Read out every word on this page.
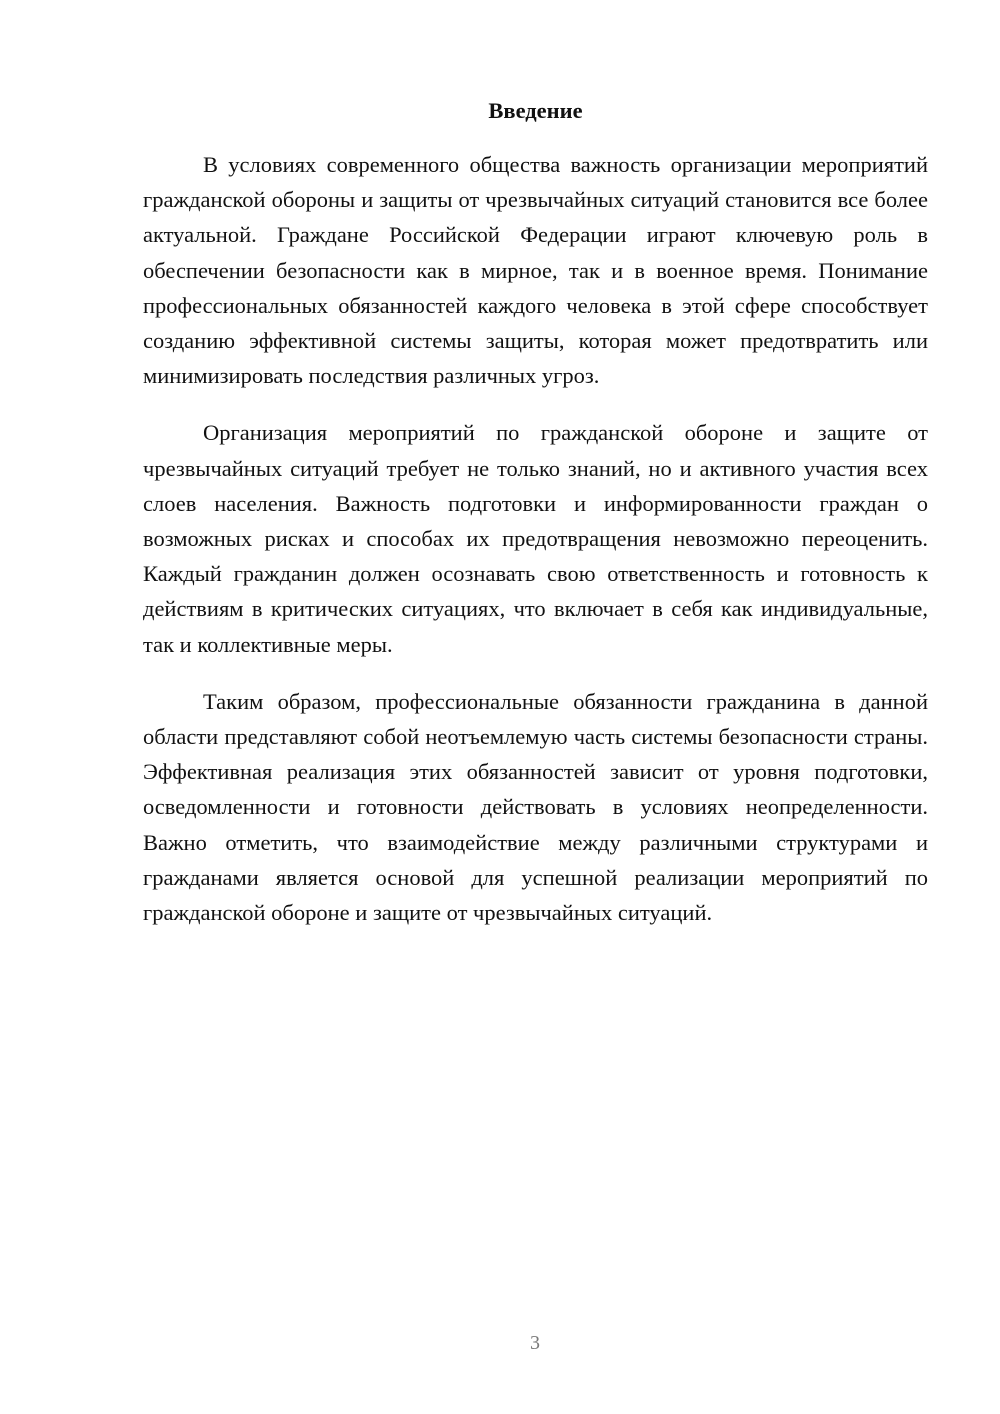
Введение

В условиях современного общества важность организации мероприятий гражданской обороны и защиты от чрезвычайных ситуаций становится все более актуальной. Граждане Российской Федерации играют ключевую роль в обеспечении безопасности как в мирное, так и в военное время. Понимание профессиональных обязанностей каждого человека в этой сфере способствует созданию эффективной системы защиты, которая может предотвратить или минимизировать последствия различных угроз.

Организация мероприятий по гражданской обороне и защите от чрезвычайных ситуаций требует не только знаний, но и активного участия всех слоев населения. Важность подготовки и информированности граждан о возможных рисках и способах их предотвращения невозможно переоценить. Каждый гражданин должен осознавать свою ответственность и готовность к действиям в критических ситуациях, что включает в себя как индивидуальные, так и коллективные меры.

Таким образом, профессиональные обязанности гражданина в данной области представляют собой неотъемлемую часть системы безопасности страны. Эффективная реализация этих обязанностей зависит от уровня подготовки, осведомленности и готовности действовать в условиях неопределенности. Важно отметить, что взаимодействие между различными структурами и гражданами является основой для успешной реализации мероприятий по гражданской обороне и защите от чрезвычайных ситуаций.

3
